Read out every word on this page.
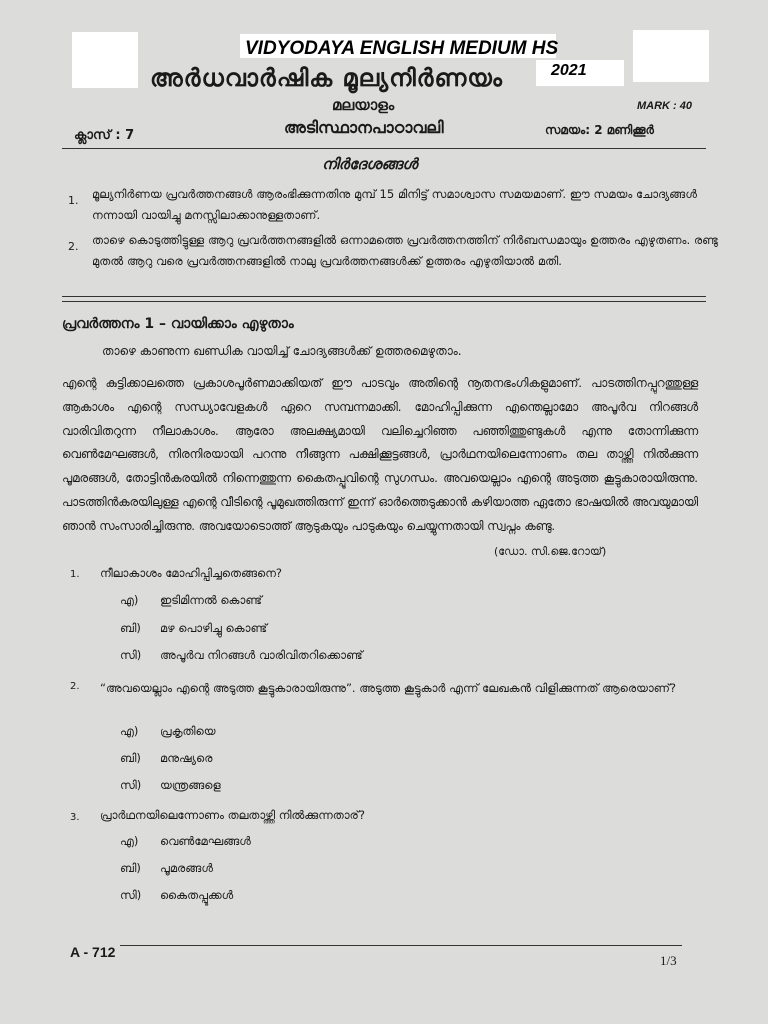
VIDYODAYA ENGLISH MEDIUM HS
2021
അർധവാർഷിക മൂല്യനിർണയം
മലയാളം	MARK : 40
ക്ലാസ് : 7	അടിസ്ഥാനപാഠാവലി	സമയം: 2 മണിക്കൂർ
നിർദേശങ്ങൾ
1. മൂല്യനിർണയ പ്രവർത്തനങ്ങൾ ആരംഭിക്കുന്നതിനു മുമ്പ് 15 മിനിട്ട് സമാശ്വാസ സമയമാണ്. ഈ സമയം ചോദ്യങ്ങൾ നന്നായി വായിച്ചു മനസ്സിലാക്കാനുള്ളതാണ്.
2. താഴെ കൊടുത്തിട്ടുള്ള ആറു പ്രവർത്തനങ്ങളിൽ ഒന്നാമത്തെ പ്രവർത്തനത്തിന് നിർബന്ധമായും ഉത്തരം എഴുതണം. രണ്ടു മുതൽ ആറു വരെ പ്രവർത്തനങ്ങളിൽ നാലു പ്രവർത്തനങ്ങൾക്ക് ഉത്തരം എഴുതിയാൽ മതി.
പ്രവർത്തനം 1 – വായിക്കാം എഴുതാം
താഴെ കാണുന്ന ഖണ്ഡിക വായിച്ച് ചോദ്യങ്ങൾക്ക് ഉത്തരമെഴുതാം.
എന്റെ കുട്ടിക്കാലത്തെ പ്രകാശപൂർണമാക്കിയത് ഈ പാടവും അതിന്റെ നൂതനഭംഗികളുമാണ്. പാടത്തിനപ്പുറത്തുള്ള ആകാശം എന്റെ സന്ധ്യാവേളകൾ ഏറെ സമ്പന്നമാക്കി. മോഹിപ്പിക്കുന്ന എന്തെല്ലാമോ അപൂർവ നിറങ്ങൾ വാരിവിതറുന്ന നീലാകാശം. ആരോ അലക്ഷ്യമായി വലിച്ചെറിഞ്ഞ പഞ്ഞിത്തുണ്ടുകൾ എന്നു തോന്നിക്കുന്ന വെൺമേഘങ്ങൾ, നിരനിരയായി പറന്നു നീങ്ങുന്ന പക്ഷിക്കൂട്ടങ്ങൾ, പ്രാർഥനയിലെന്നോണം തല താഴ്ത്തി നിൽക്കുന്ന പൂമരങ്ങൾ, തോട്ടിൻകരയിൽ നിന്നെത്തുന്ന കൈതപ്പൂവിന്റെ സുഗന്ധം. അവയെല്ലാം എന്റെ അടുത്ത കൂട്ടുകാരായിരുന്നു. പാടത്തിൻകരയിലുള്ള എന്റെ വീടിന്റെ പൂമുഖത്തിരുന്ന് ഇന്ന് ഓർത്തെടുക്കാൻ കഴിയാത്ത ഏതോ ഭാഷയിൽ അവയുമായി ഞാൻ സംസാരിച്ചിരുന്നു. അവയോടൊത്ത് ആടുകയും പാടുകയും ചെയ്യുന്നതായി സ്വപ്നം കണ്ടു.
(ഡോ. സി.ജെ.റോയ്)
1. നീലാകാശം മോഹിപ്പിച്ചതെങ്ങനെ?
എ) ഇടിമിന്നൽ കൊണ്ട്
ബി) മഴ പൊഴിച്ചു കൊണ്ട്
സി) അപൂർവ നിറങ്ങൾ വാരിവിതറിക്കൊണ്ട്
2. “അവയെല്ലാം എന്റെ അടുത്ത കൂട്ടുകാരായിരുന്നു”. അടുത്ത കൂട്ടുകാർ എന്ന് ലേഖകൻ വിളിക്കുന്നത് ആരെയാണ്?
എ) പ്രകൃതിയെ
ബി) മനുഷ്യരെ
സി) യന്ത്രങ്ങളെ
3. പ്രാർഥനയിലെന്നോണം തലതാഴ്ത്തി നിൽക്കുന്നതാര്?
എ) വെൺമേഘങ്ങൾ
ബി) പൂമരങ്ങൾ
സി) കൈതപ്പൂക്കൾ
A - 712
1/3
